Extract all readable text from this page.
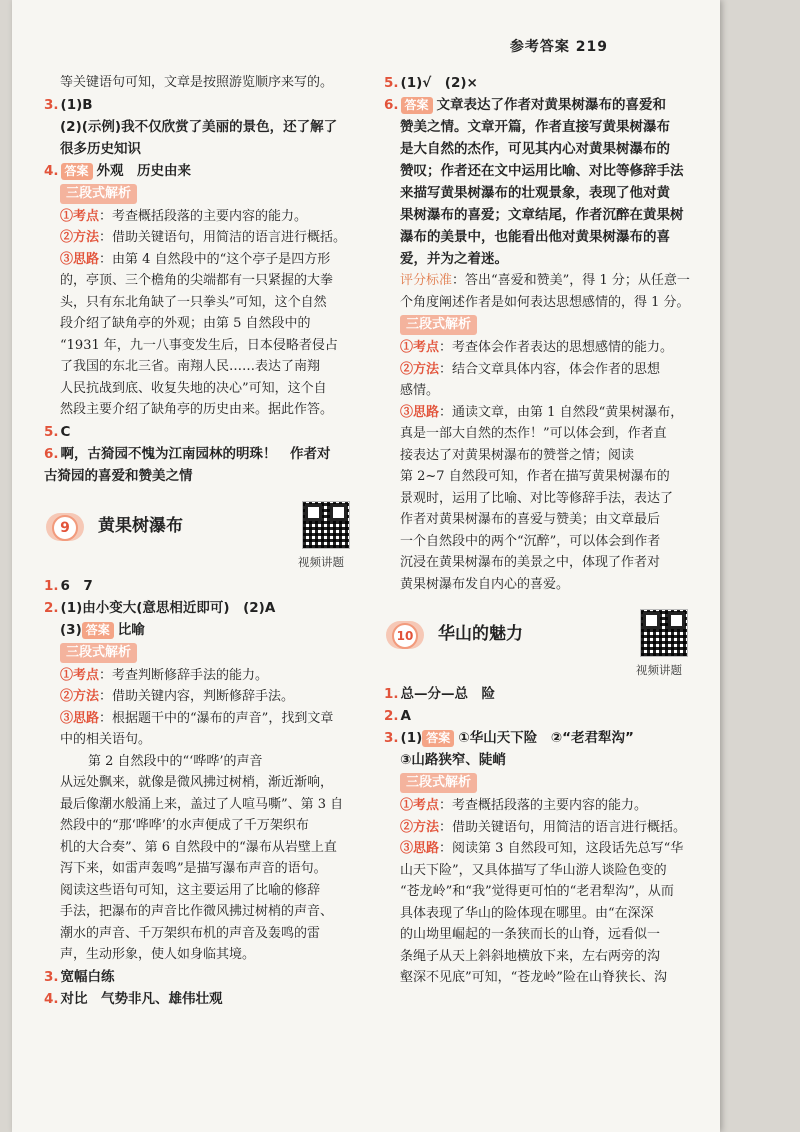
参考答案 219
等关键语句可知，文章是按照游览顺序来写的。
3. (1)B
(2)(示例)我不仅欣赏了美丽的景色，还了解了
很多历史知识
4. 答案 外观　历史由来
三段式解析
①考点：考查概括段落的主要内容的能力。
②方法：借助关键语句，用简洁的语言进行概括。
③思路：由第 4 自然段中的“这个亭子是四方形
的，亭顶、三个檐角的尖端都有一只紧握的大拳
头，只有东北角缺了一只拳头”可知，这个自然
段介绍了缺角亭的外观；由第 5 自然段中的
“1931 年，九一八事变发生后，日本侵略者侵占
了我国的东北三省。南翔人民……表达了南翔
人民抗战到底、收复失地的决心”可知，这个自
然段主要介绍了缺角亭的历史由来。据此作答。
5. C
6. 啊，古猗园不愧为江南园林的明珠！　作者对
古猗园的喜爱和赞美之情
9	黄果树瀑布
视频讲题
1. 6　7
2. (1)由小变大(意思相近即可)　(2)A
(3) 答案 比喻
三段式解析
①考点：考查判断修辞手法的能力。
②方法：借助关键内容，判断修辞手法。
③思路：根据题干中的“瀑布的声音”，找到文章
中的相关语句。
第 2 自然段中的“‘哗哗’的声音
从远处飘来，就像是微风拂过树梢，渐近渐响，
最后像潮水般涌上来，盖过了人喧马嘶”、第 3 自
然段中的“那‘哗哗’的水声便成了千万架织布
机的大合奏”、第 6 自然段中的“瀑布从岩壁上直
泻下来，如雷声轰鸣”是描写瀑布声音的语句。
阅读这些语句可知，这主要运用了比喻的修辞
手法，把瀑布的声音比作微风拂过树梢的声音、
潮水的声音、千万架织布机的声音及轰鸣的雷
声，生动形象，使人如身临其境。
3. 宽幅白练
4. 对比　气势非凡、雄伟壮观
5. (1)√　(2)×
6. 答案 文章表达了作者对黄果树瀑布的喜爱和
赞美之情。文章开篇，作者直接写黄果树瀑布
是大自然的杰作，可见其内心对黄果树瀑布的
赞叹；作者还在文中运用比喻、对比等修辞手法
来描写黄果树瀑布的壮观景象，表现了他对黄
果树瀑布的喜爱；文章结尾，作者沉醉在黄果树
瀑布的美景中，也能看出他对黄果树瀑布的喜
爱，并为之着迷。
评分标准：答出“喜爱和赞美”，得 1 分；从任意一
个角度阐述作者是如何表达思想感情的，得 1 分。
三段式解析
①考点：考查体会作者表达的思想感情的能力。
②方法：结合文章具体内容，体会作者的思想
感情。
③思路：通读文章，由第 1 自然段“黄果树瀑布，
真是一部大自然的杰作！”可以体会到，作者直
接表达了对黄果树瀑布的赞誉之情；阅读
第 2~7 自然段可知，作者在描写黄果树瀑布的
景观时，运用了比喻、对比等修辞手法，表达了
作者对黄果树瀑布的喜爱与赞美；由文章最后
一个自然段中的两个“沉醉”，可以体会到作者
沉浸在黄果树瀑布的美景之中，体现了作者对
黄果树瀑布发自内心的喜爱。
10 华山的魅力
视频讲题
1. 总—分—总　险
2. A
3. (1) 答案 ①华山天下险　②“老君犁沟”
③山路狭窄、陡峭
三段式解析
①考点：考查概括段落的主要内容的能力。
②方法：借助关键语句，用简洁的语言进行概括。
③思路：阅读第 3 自然段可知，这段话先总写“华
山天下险”，又具体描写了华山游人谈险色变的
“苍龙岭”和“我”觉得更可怕的“老君犁沟”，从而
具体表现了华山的险体现在哪里。由“在深深
的山坳里崛起的一条狭而长的山脊，远看似一
条绳子从天上斜斜地横放下来，左右两旁的沟
壑深不见底”可知，“苍龙岭”险在山脊狭长、沟
